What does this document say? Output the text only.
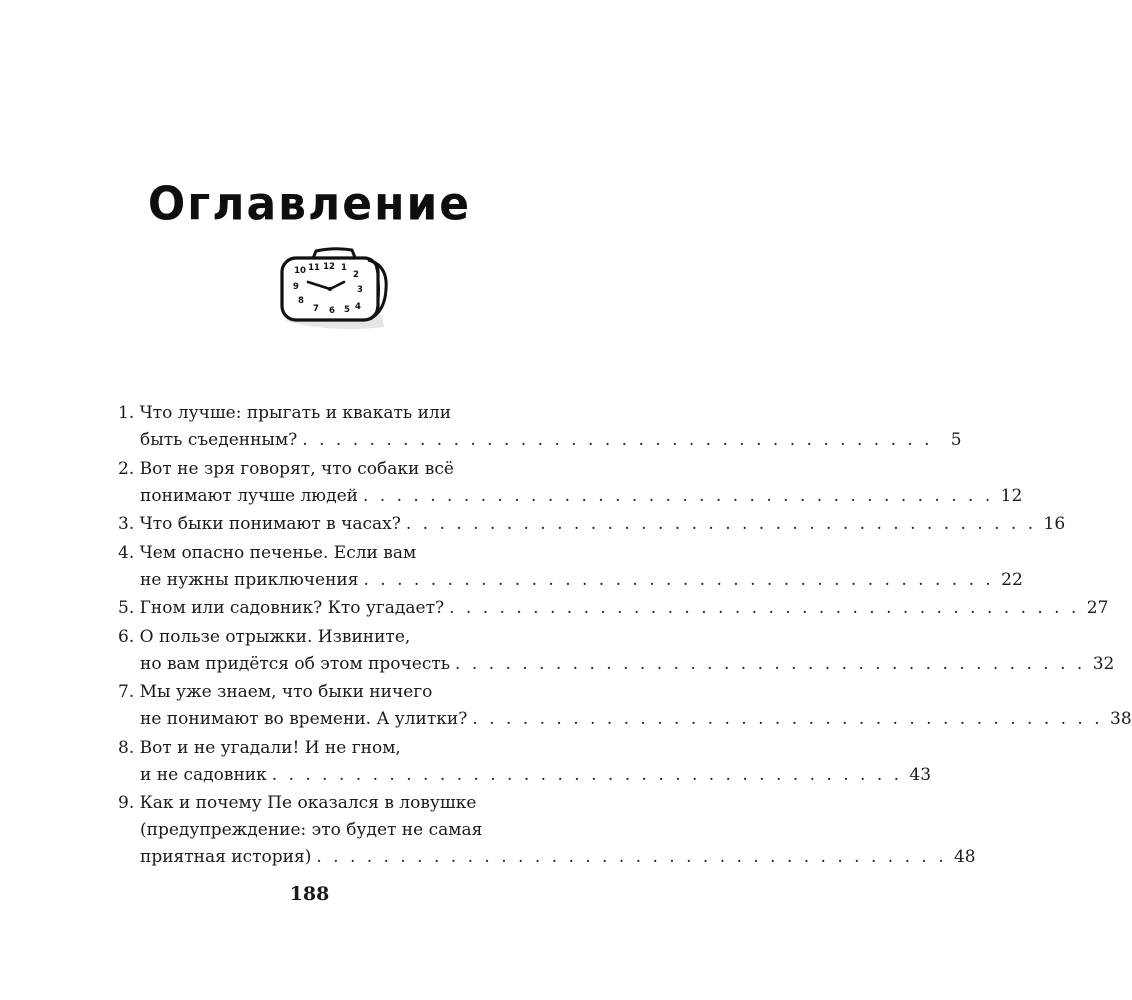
Оглавление
10 11 12 1
2
3
4
5
6
7
8
9
1. Что лучше: прыгать и квакать или
быть съеденным? . . . . . . . . . . . . . . . . . . . . . . . . . . . . . . . . . . . . . .	5
2. Вот не зря говорят, что собаки всё
понимают лучше людей . . . . . . . . . . . . . . . . . . . . . . . . . . . . . . . . . . . . . . 12
3. Что быки понимают в часах? . . . . . . . . . . . . . . . . . . . . . . . . . . . . . . . . . . . . . . 16
4. Чем опасно печенье. Если вам
не нужны приключения . . . . . . . . . . . . . . . . . . . . . . . . . . . . . . . . . . . . . . 22
5. Гном или садовник? Кто угадает? . . . . . . . . . . . . . . . . . . . . . . . . . . . . . . . . . . . . . . 27
6. О пользе отрыжки. Извините,
но вам придётся об этом прочесть . . . . . . . . . . . . . . . . . . . . . . . . . . . . . . . . . . . . . . 32
7. Мы уже знаем, что быки ничего
не понимают во времени. А улитки? . . . . . . . . . . . . . . . . . . . . . . . . . . . . . . . . . . . . . . 38
8. Вот и не угадали! И не гном,
и не садовник . . . . . . . . . . . . . . . . . . . . . . . . . . . . . . . . . . . . . . 43
9. Как и почему Пе оказался в ловушке
(предупреждение: это будет не самая
приятная история) . . . . . . . . . . . . . . . . . . . . . . . . . . . . . . . . . . . . . . 48
188
